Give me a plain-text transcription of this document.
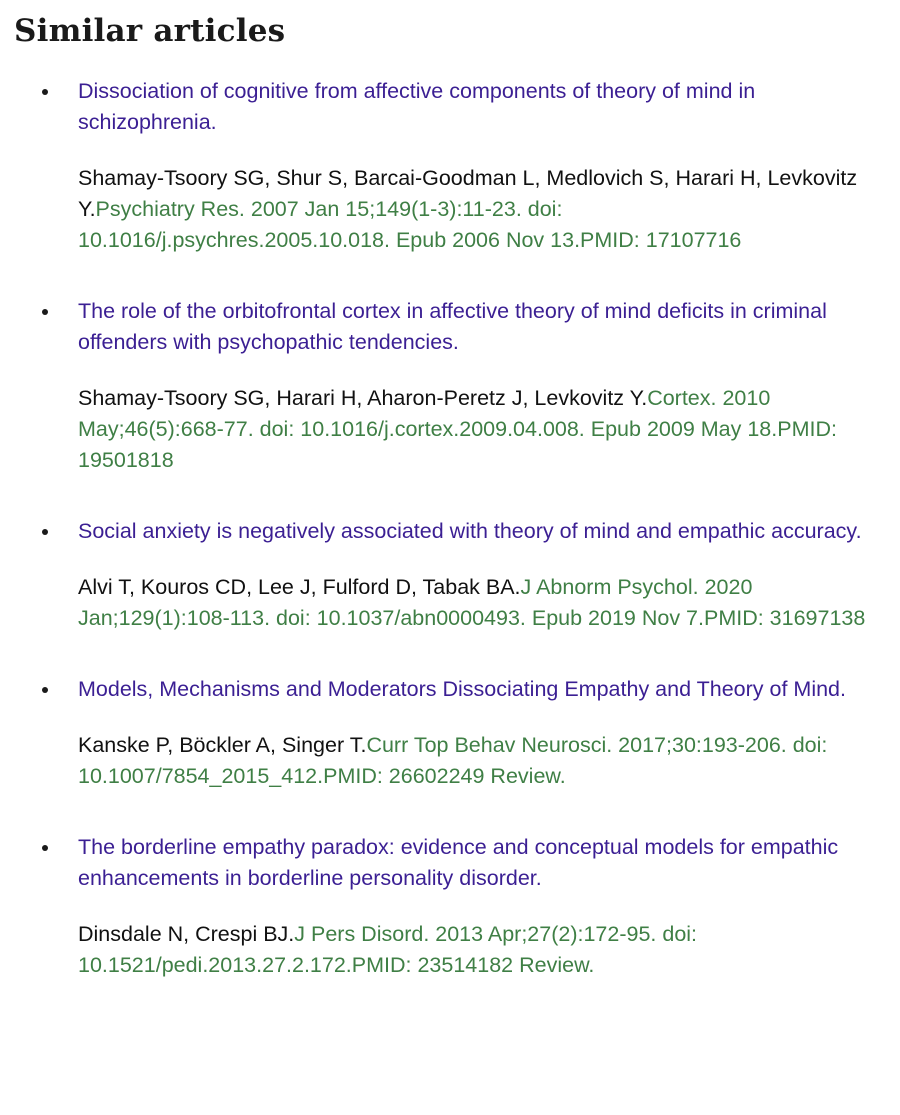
Similar articles
Dissociation of cognitive from affective components of theory of mind in schizophrenia.
Shamay-Tsoory SG, Shur S, Barcai-Goodman L, Medlovich S, Harari H, Levkovitz Y.Psychiatry Res. 2007 Jan 15;149(1-3):11-23. doi: 10.1016/j.psychres.2005.10.018. Epub 2006 Nov 13.PMID: 17107716
The role of the orbitofrontal cortex in affective theory of mind deficits in criminal offenders with psychopathic tendencies.
Shamay-Tsoory SG, Harari H, Aharon-Peretz J, Levkovitz Y.Cortex. 2010 May;46(5):668-77. doi: 10.1016/j.cortex.2009.04.008. Epub 2009 May 18.PMID: 19501818
Social anxiety is negatively associated with theory of mind and empathic accuracy.
Alvi T, Kouros CD, Lee J, Fulford D, Tabak BA.J Abnorm Psychol. 2020 Jan;129(1):108-113. doi: 10.1037/abn0000493. Epub 2019 Nov 7.PMID: 31697138
Models, Mechanisms and Moderators Dissociating Empathy and Theory of Mind.
Kanske P, Böckler A, Singer T.Curr Top Behav Neurosci. 2017;30:193-206. doi: 10.1007/7854_2015_412.PMID: 26602249 Review.
The borderline empathy paradox: evidence and conceptual models for empathic enhancements in borderline personality disorder.
Dinsdale N, Crespi BJ.J Pers Disord. 2013 Apr;27(2):172-95. doi: 10.1521/pedi.2013.27.2.172.PMID: 23514182 Review.
